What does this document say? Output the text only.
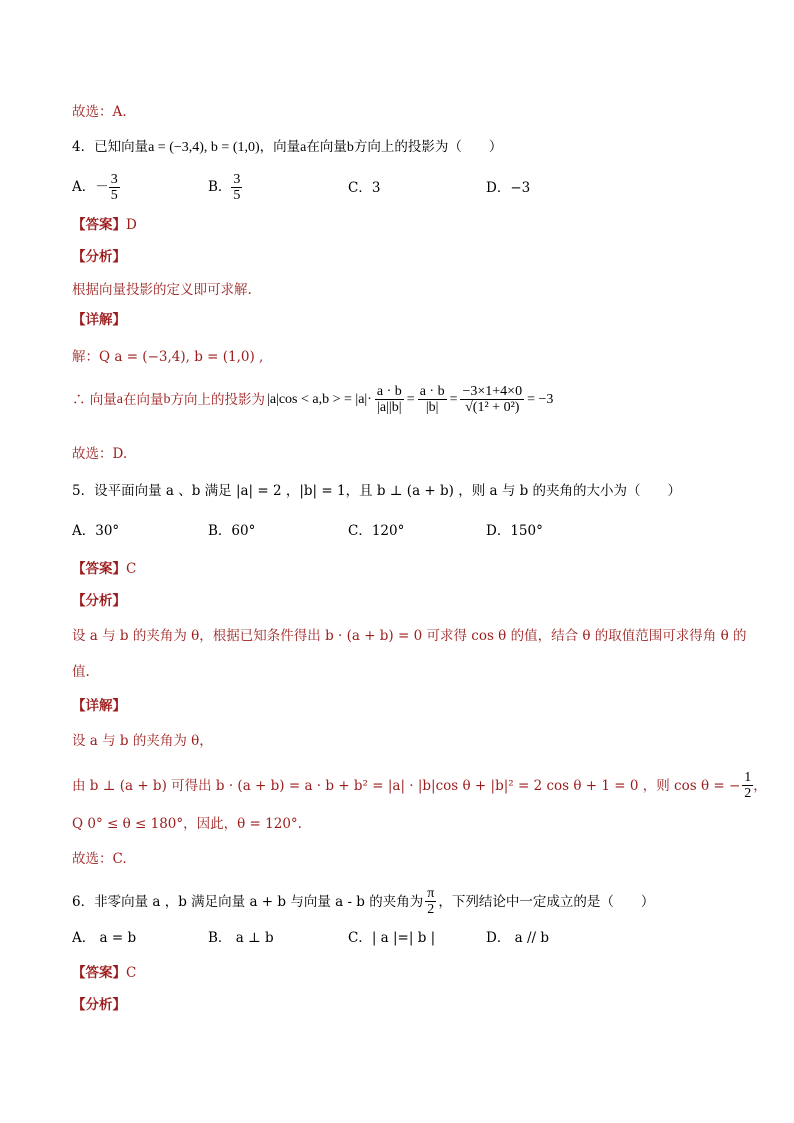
故选：A.
4．已知向量a = (−3,4), b = (1,0)，向量a在向量b方向上的投影为（　　）
A．－ $\frac{3}{5}$	B． $\frac{3}{5}$	C．3	D．−3
【答案】D
【分析】
根据向量投影的定义即可求解.
【详解】
解：Q a = (−3,4), b = (1,0) ,
∴ 向量 a 在向量 b 方向上的投影为 |a|cos < a,b > = $|a|\cdot \frac{a \cdot b}{|a||b|} = \frac{a \cdot b}{|b|} = \frac{-3\times 1+4\times 0}{\text{√(1² + 0²)}} = -3$
故选：D.
5．设平面向量 a 、b 满足 |a| = 2 ，|b| = 1，且 b ⊥ (a + b) ，则 a 与 b 的夹角的大小为（　　）
A．30°	B．60°	C．120°	D．150°
【答案】C
【分析】
设 a 与 b 的夹角为 θ，根据已知条件得出 b · (a + b) = 0 可求得 cos θ 的值，结合 θ 的取值范围可求得角 θ 的
值.
【详解】
设 a 与 b 的夹角为 θ，
由 b ⊥ (a + b) 可得出 b · (a + b) = a · b + b² = |a| · |b|cos θ + |b|² = 2 cos θ + 1 = 0 ，则 cos θ = − $\frac{1}{2}$ ，
Q 0° ≤ θ ≤ 180°，因此，θ = 120°.
故选：C.
6．非零向量 a ，b 满足向量 a + b 与向量 a - b 的夹角为 $\frac{\pi}{2}$ ，下列结论中一定成立的是（　　）
A． a = b	B． a ⊥ b	C．| a |=| b |	D． a // b
【答案】C
【分析】
